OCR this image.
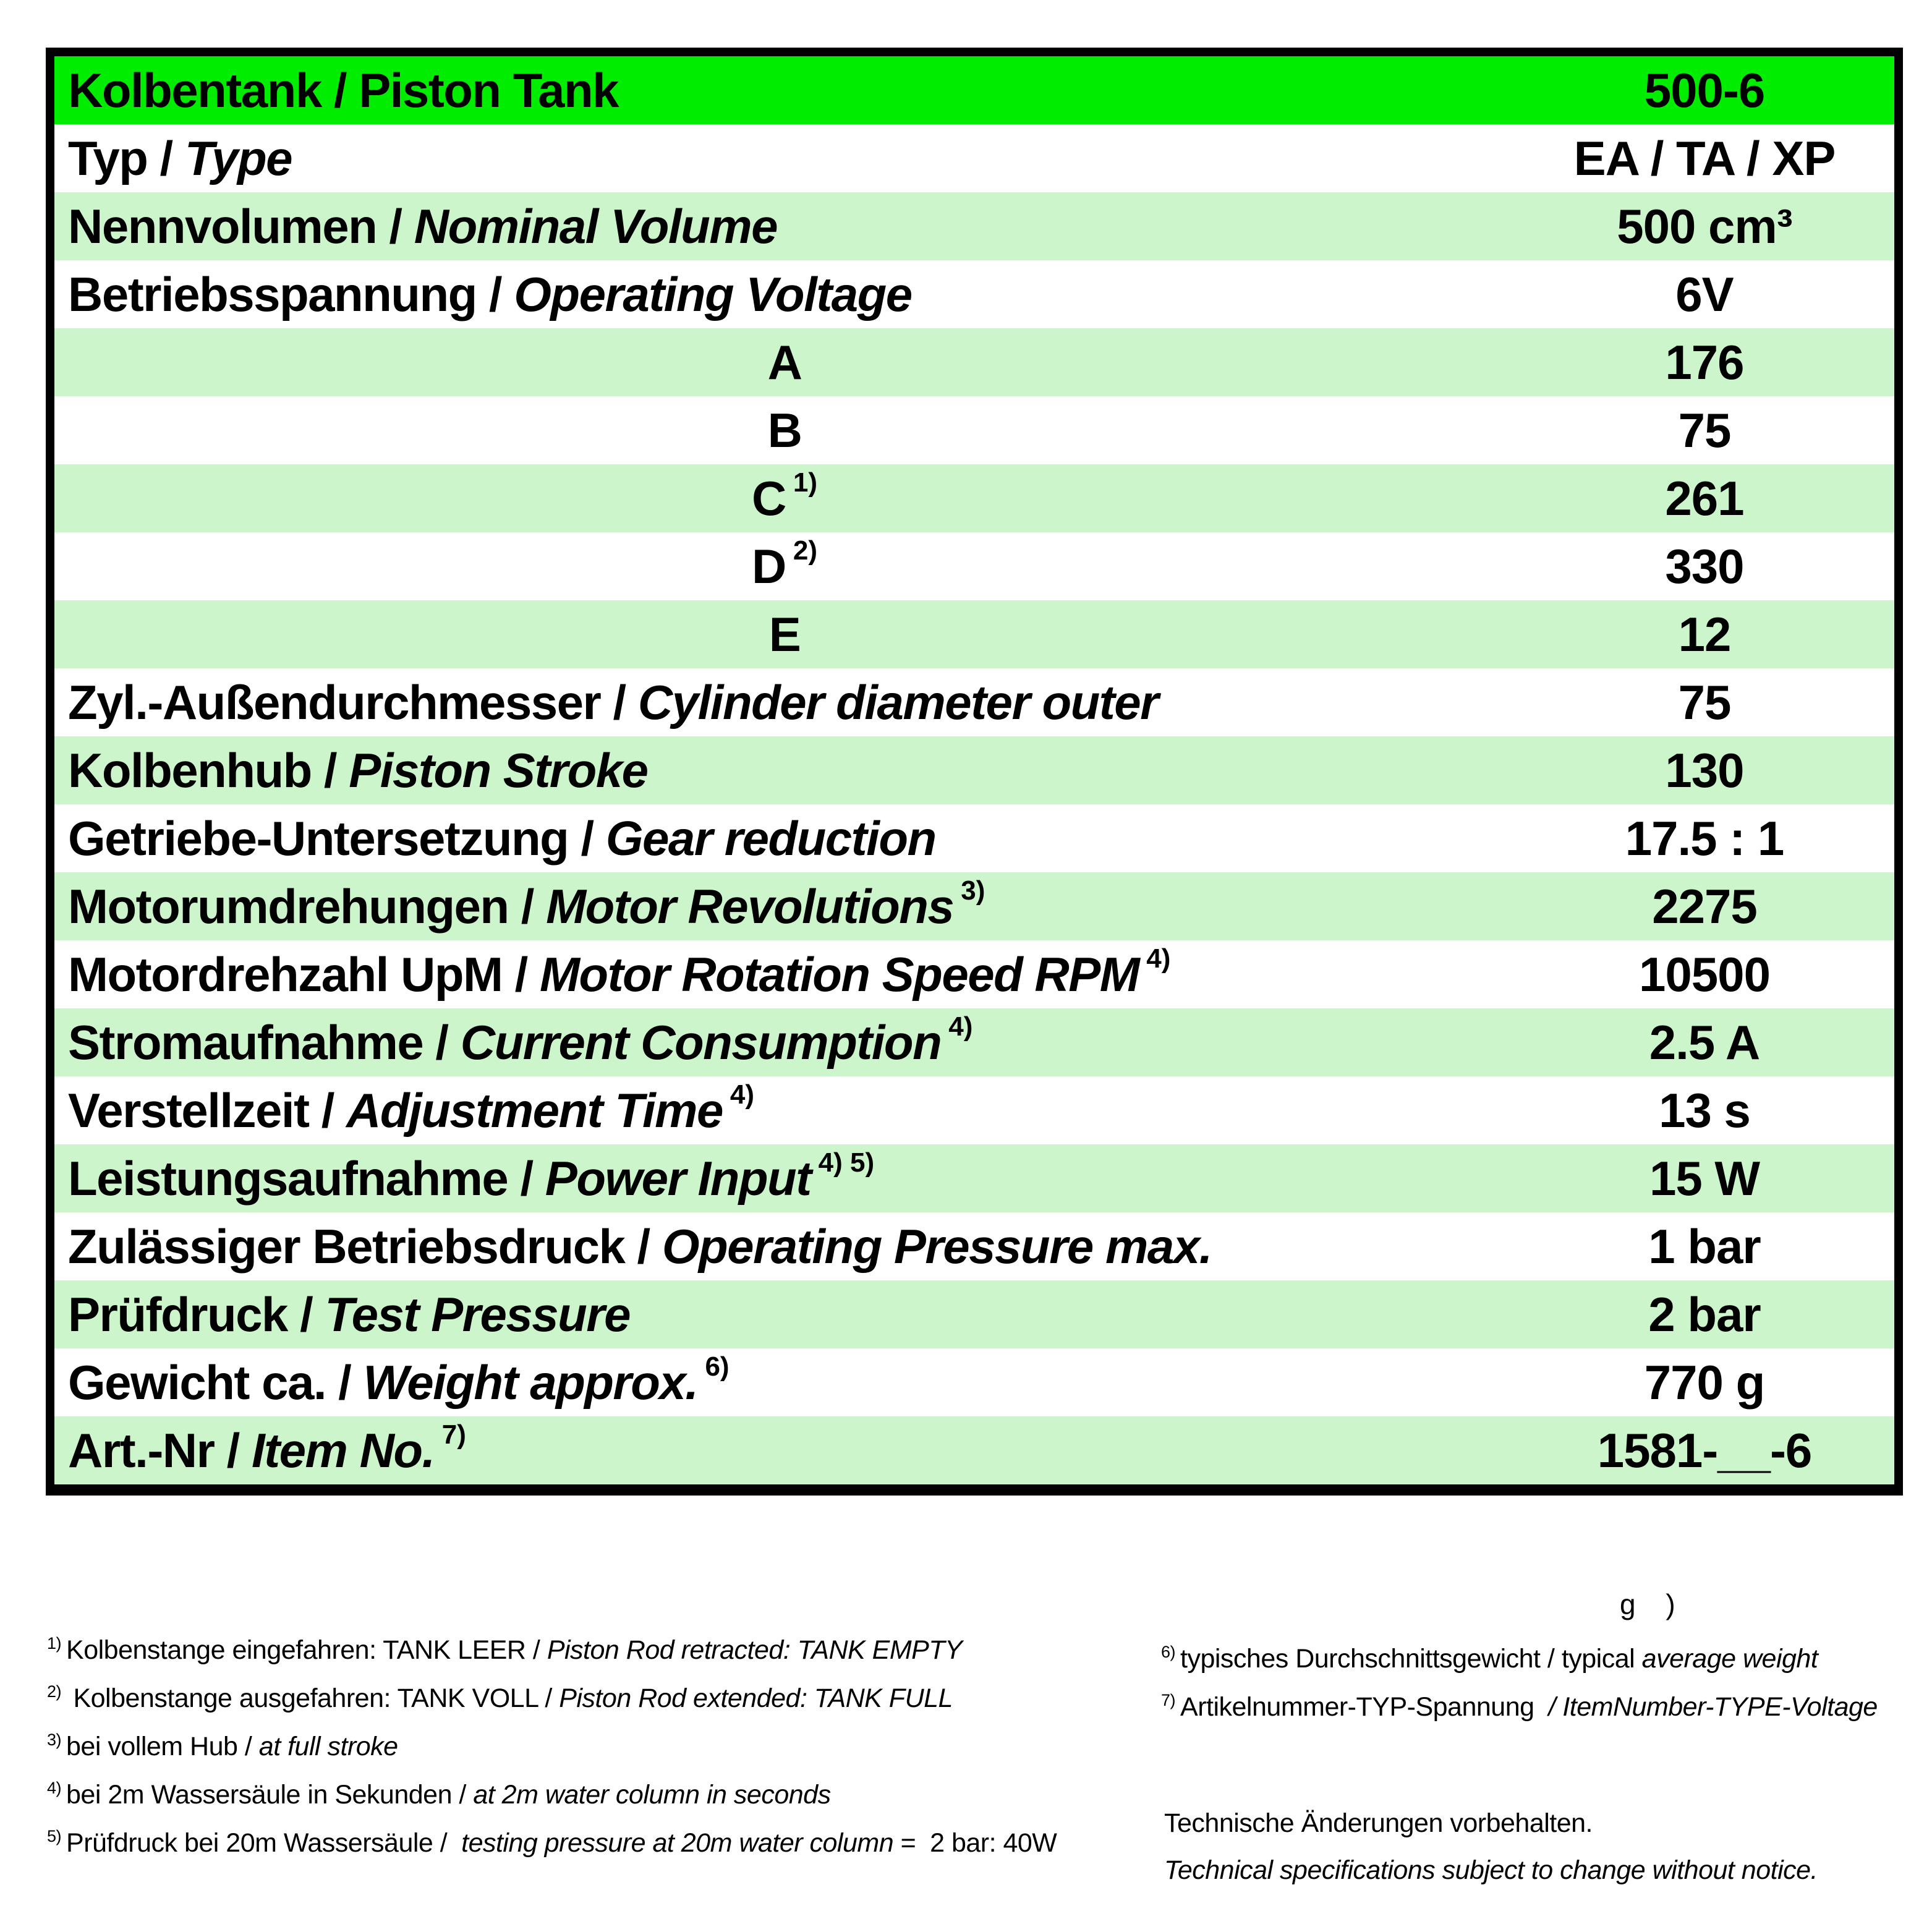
Kolbentank / Piston Tank	500-6
Typ / Type	EA / TA / XP
Nennvolumen / Nominal Volume	500 cm³
Betriebsspannung / Operating Voltage	6V
A	176
B	75
C 1)	261
D 2)	330
E	12
Zyl.-Außendurchmesser / Cylinder diameter outer	75
Kolbenhub / Piston Stroke	130
Getriebe-Untersetzung / Gear reduction	17.5 : 1
Motorumdrehungen / Motor Revolutions 3)	2275
Motordrehzahl UpM / Motor Rotation Speed RPM 4)	10500
Stromaufnahme / Current Consumption 4)	2.5 A
Verstellzeit / Adjustment Time 4)	13 s
Leistungsaufnahme / Power Input 4) 5)	15 W
Zulässiger Betriebsdruck / Operating Pressure max.	1 bar
Prüfdruck / Test Pressure	2 bar
Gewicht ca. / Weight approx. 6)	770 g
Art.-Nr / Item No. 7)	1581-__-6
1) Kolbenstange eingefahren: TANK LEER / Piston Rod retracted: TANK EMPTY
2) Kolbenstange ausgefahren: TANK VOLL / Piston Rod extended: TANK FULL
3) bei vollem Hub / at full stroke
4) bei 2m Wassersäule in Sekunden / at 2m water column in seconds
5) Prüfdruck bei 20m Wassersäule /  testing pressure at 20m water column =  2 bar: 40W
g )
6) typisches Durchschnittsgewicht / typical average weight
7) Artikelnummer-TYP-Spannung  / ItemNumber-TYPE-Voltage
Technische Änderungen vorbehalten.
Technical specifications subject to change without notice.
